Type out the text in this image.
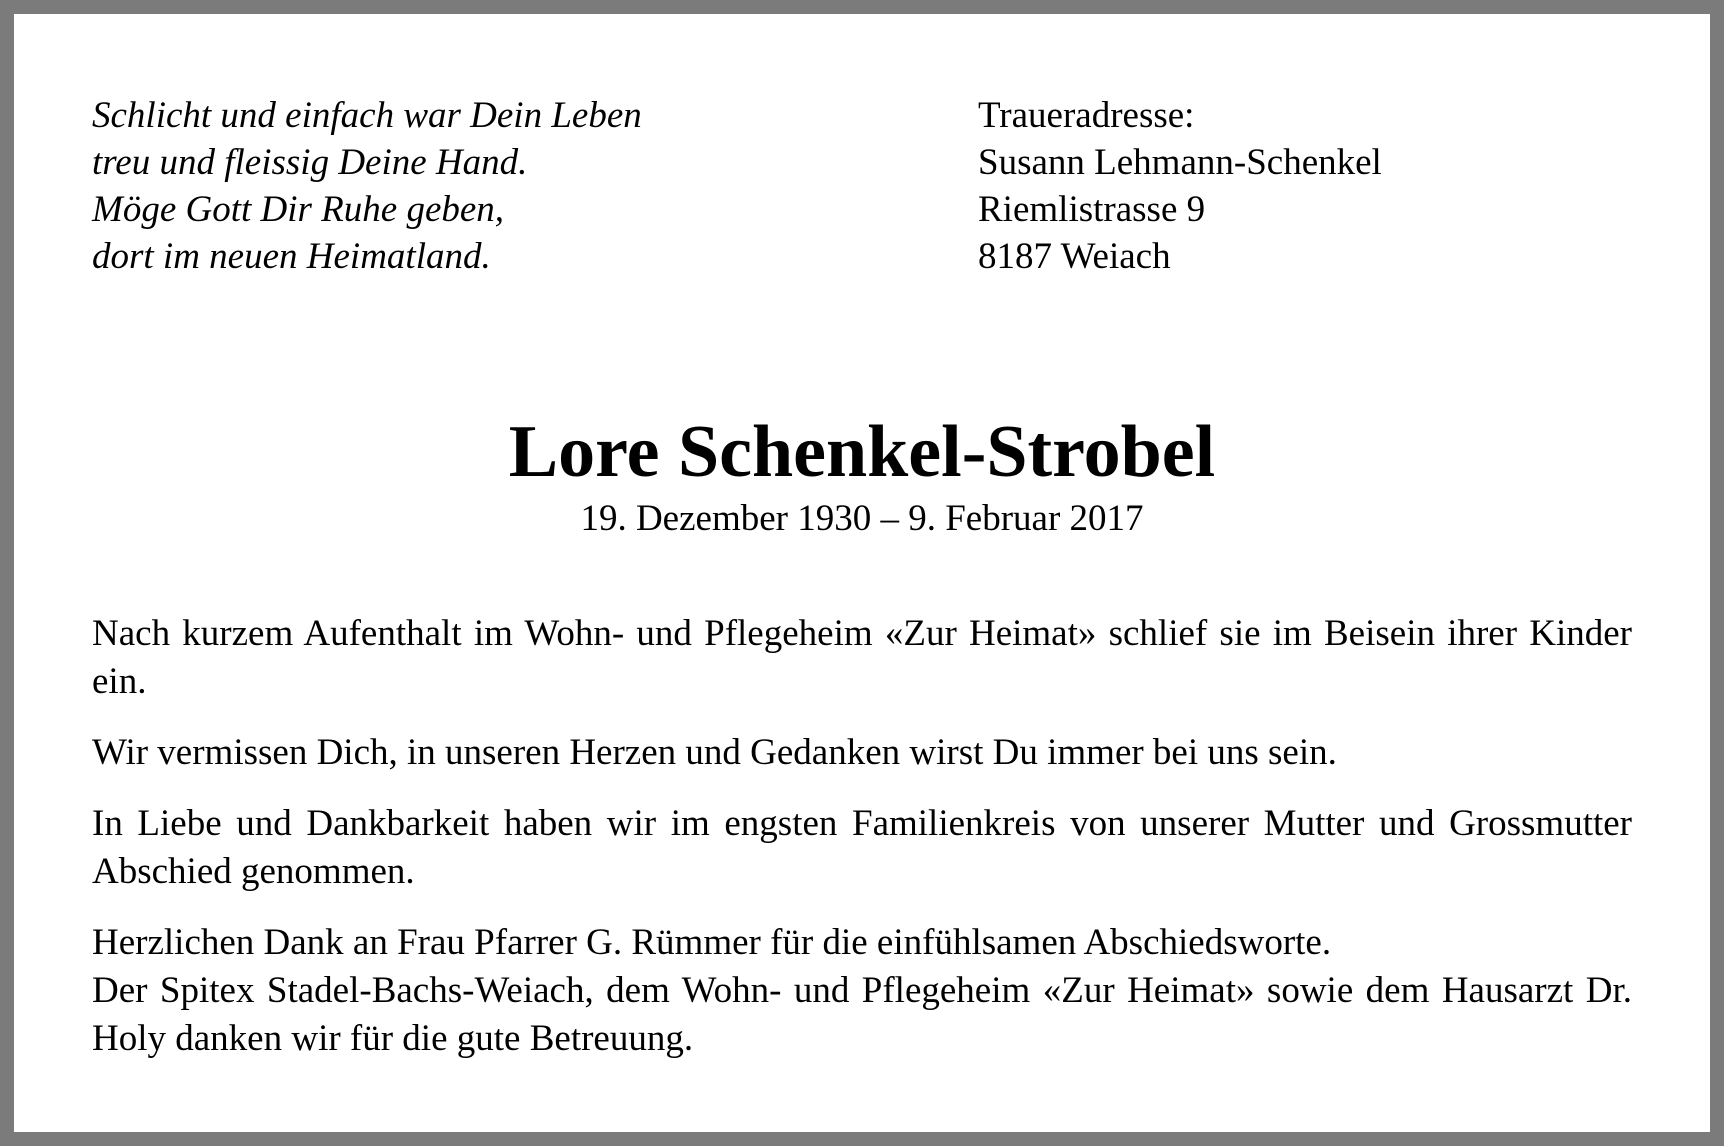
Schlicht und einfach war Dein Leben
treu und fleissig Deine Hand.
Möge Gott Dir Ruhe geben,
dort im neuen Heimatland.
Traueradresse:
Susann Lehmann-Schenkel
Riemlistrasse 9
8187 Weiach
Lore Schenkel-Strobel
19. Dezember 1930 – 9. Februar 2017

Nach kurzem Aufenthalt im Wohn- und Pflegeheim «Zur Heimat» schlief sie im Beisein ihrer Kinder ein.

Wir vermissen Dich, in unseren Herzen und Gedanken wirst Du immer bei uns sein.

In Liebe und Dankbarkeit haben wir im engsten Familienkreis von unserer Mutter und Grossmutter Abschied genommen.

Herzlichen Dank an Frau Pfarrer G. Rümmer für die einfühlsamen Abschiedsworte.

Der Spitex Stadel-Bachs-Weiach, dem Wohn- und Pflegeheim «Zur Heimat» sowie dem Hausarzt Dr. Holy danken wir für die gute Betreuung.
